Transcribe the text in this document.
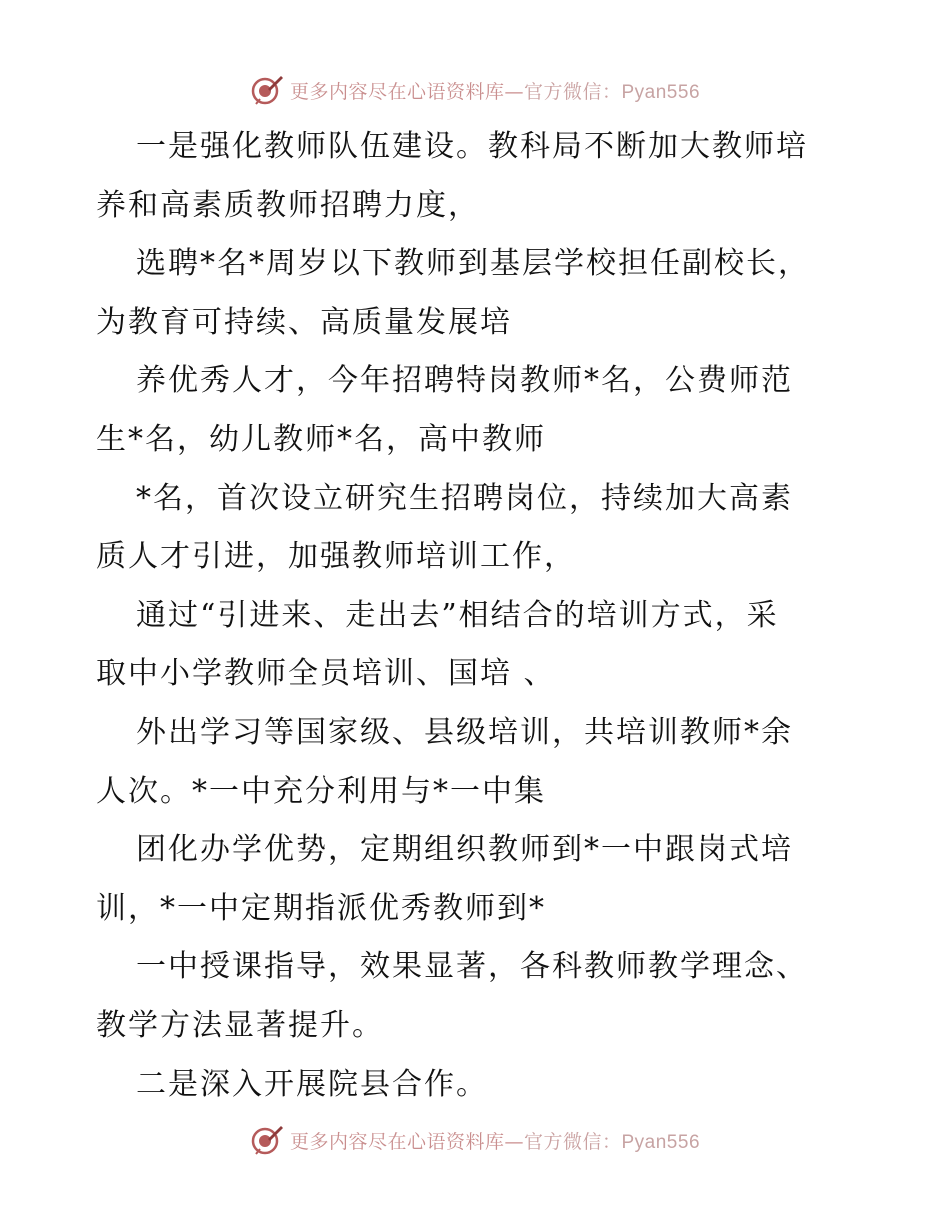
更多内容尽在心语资料库—官方微信：Pyan556
一是强化教师队伍建设。教科局不断加大教师培
养和高素质教师招聘力度，
选聘*名*周岁以下教师到基层学校担任副校长，
为教育可持续、高质量发展培
养优秀人才，今年招聘特岗教师*名，公费师范
生*名，幼儿教师*名，高中教师
*名，首次设立研究生招聘岗位，持续加大高素
质人才引进，加强教师培训工作，
通过“引进来、走出去”相结合的培训方式，采
取中小学教师全员培训、国培 、
外出学习等国家级、县级培训，共培训教师*余
人次。*一中充分利用与*一中集
团化办学优势，定期组织教师到*一中跟岗式培
训，*一中定期指派优秀教师到*
一中授课指导，效果显著，各科教师教学理念、
教学方法显著提升。
二是深入开展院县合作。
更多内容尽在心语资料库—官方微信：Pyan556
